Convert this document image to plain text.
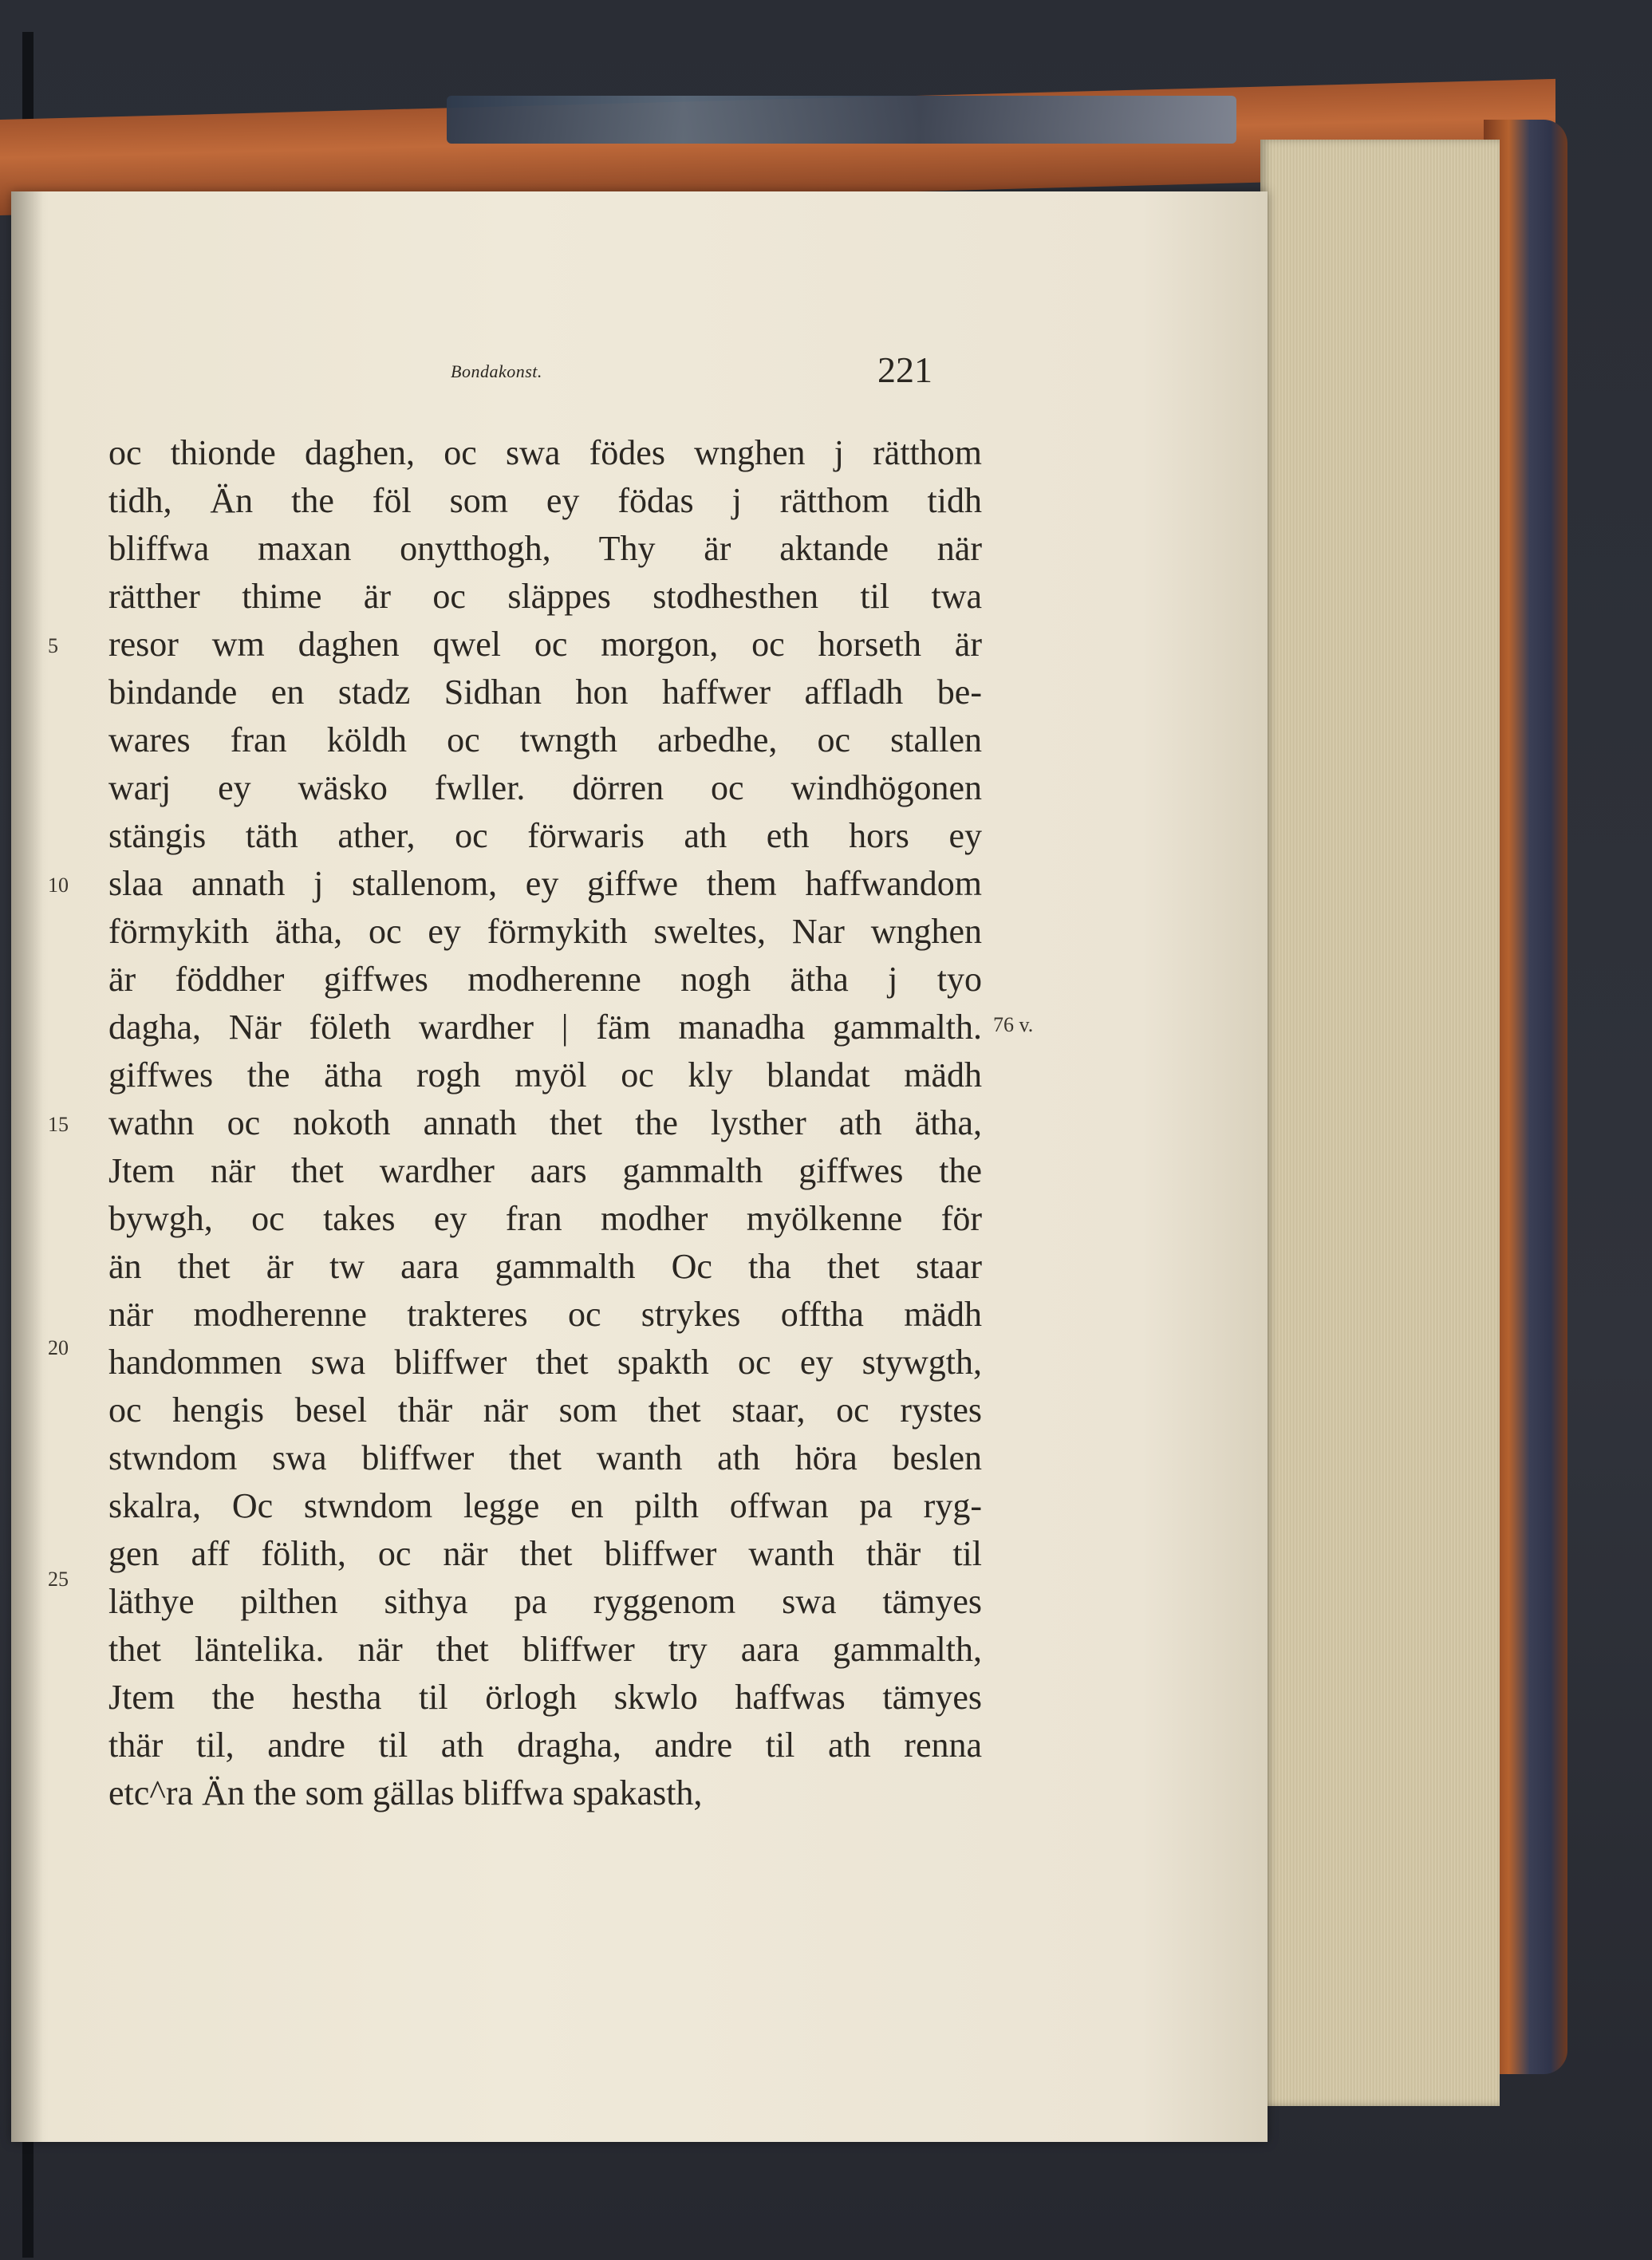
Bondakonst.	221
oc thionde daghen, oc swa födes wnghen j rätthom
tidh, Än the föl som ey födas j rätthom tidh
bliffwa maxan onytthogh, Thy är aktande när
rätther thime är oc släppes stodhesthen til twa
resor wm daghen qwel oc morgon, oc horseth är
bindande en stadz Sidhan hon haffwer affladh be-
wares fran köldh oc twngth arbedhe, oc stallen
warj ey wäsko fwller. dörren oc windhögonen
stängis täth ather, oc förwaris ath eth hors ey
slaa annath j stallenom, ey giffwe them haffwandom
förmykith ätha, oc ey förmykith sweltes, Nar wnghen
är föddher giffwes modherenne nogh ätha j tyo
dagha, När föleth wardher | fäm manadha gammalth.
giffwes the ätha rogh myöl oc kly blandat mädh
wathn oc nokoth annath thet the lysther ath ätha,
Jtem när thet wardher aars gammalth giffwes the
bywgh, oc takes ey fran modher myölkenne för
än thet är tw aara gammalth Oc tha thet staar
när modherenne trakteres oc strykes offtha mädh
handommen swa bliffwer thet spakth oc ey stywgth,
oc hengis besel thär när som thet staar, oc rystes
stwndom swa bliffwer thet wanth ath höra beslen
skalra, Oc stwndom legge en pilth offwan pa ryg-
gen aff fölith, oc när thet bliffwer wanth thär til
läthye pilthen sithya pa ryggenom swa tämyes
thet läntelika. när thet bliffwer try aara gammalth,
Jtem the hestha til örlogh skwlo haffwas tämyes
thär til, andre til ath dragha, andre til ath renna
etc^ra Än the som gällas bliffwa spakasth,
5
10
15
20
25
76 v.
